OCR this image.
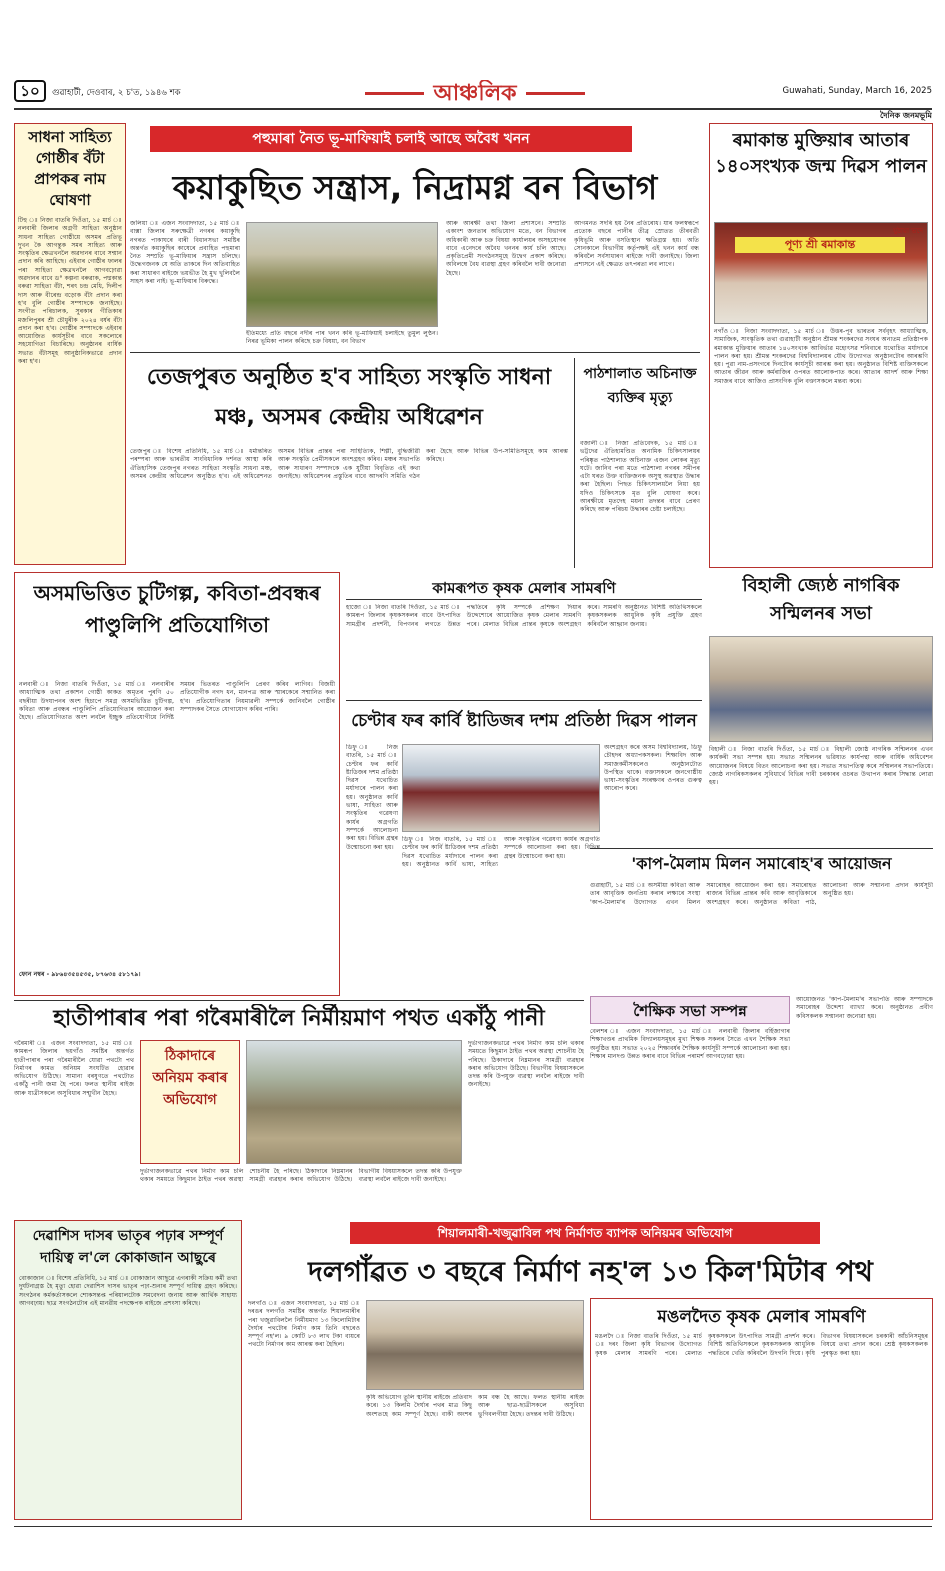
১০	গুৱাহাটী, দেওবাৰ, ২ চ'ত, ১৯৪৬ শক	আঞ্চলিক	Guwahati, Sunday, March 16, 2025
দৈনিক জনমভূমি
সাধনা সাহিত্য গোষ্ঠীৰ বঁটা প্ৰাপকৰ নাম ঘোষণা
টিহু ঃ নিজা বাতৰি দিওঁতা, ১৫ মাৰ্চ ঃ নলবাৰী জিলাৰ অগ্ৰণী সাহিত্য অনুষ্ঠান সাধনা সাহিত্য গোষ্ঠীয়ে অসমৰ প্ৰতিভূ দুখন কৈ আগন্তুক সমৰ সাহিত্য আৰু সংস্কৃতিৰ ক্ষেত্ৰখনলৈ অৱদানৰ বাবে সন্মান প্ৰদান কৰি আহিছে। এইবাৰ গোষ্ঠীৰ ফালৰ পৰা সাহিত্য ক্ষেত্ৰখনলৈ আগবঢ়োৱা অৱদানৰ বাবে ড° কল্পনা বৰুৱাক, পদ্মকান্ত বৰুৱা সাহিত্য বঁটা, শৰৎ চন্দ্ৰ মেধি, দিলীপ দাস আৰু বীৰেন্দ্ৰ বড়োক বঁটা প্ৰদান কৰা হ'ব বুলি গোষ্ঠীৰ সম্পাদকে জনাইছে। সংগীত পৰিচালক, সুৰকাৰ গীতিকাৰ মজলিপুৰৰ শ্ৰী চৌধুৰীক ২০২৪ বৰ্ষৰ বঁটা প্ৰদান কৰা হ'ব। গোষ্ঠীৰ সম্পাদকে এইবাৰ আয়োজিত কাৰ্যসূচীৰ বাবে সকলোৰে সহযোগিতা বিচাৰিছে। অনুষ্ঠানৰ বাৰ্ষিক সভাত বঁটাসমূহ আনুষ্ঠানিকভাৱে প্ৰদান কৰা হ'ব।
পহুমাৰা নৈত ভূ-মাফিয়াই চলাই আছে অবৈধ খনন
কয়াকুছিত সন্ত্ৰাস, নিদ্ৰামগ্ন বন বিভাগ
জলিয়া ঃ এজন সংবাদদাতা, ১৫ মাৰ্চ ঃ বাক্সা জিলাৰ সৰুক্ষেত্ৰী নগৰৰ কয়াকুছি নগৰত পাকাঘৰে বাৰী বিধানসভা সমষ্টিৰ অন্তৰ্গত কয়াকুছিৰ কাষেৰে প্ৰবাহিত পহুমাৰা নৈত সম্প্ৰতি ভূ-মাফিয়াৰ সন্ত্ৰাস চলিছে। উদ্ধেগজনক যে অতি তাকৰে দিন অতিবাহিত কৰা সাধাৰণ ৰাইজে ভয়ভীত হৈ মুখ খুলিবলৈ সাহস কৰা নাই। ভূ-মাফিয়াৰ বিৰুদ্ধে।
ইতিমধ্যে প্ৰতি বছৰে নদীৰ পাৰ খনন কৰি ভূ-মাফিয়াই চলাইছে তুমুল লুণ্ঠন। নিৰৱ ভূমিকা পালন কৰিছে চক্ৰ বিষয়া, বন বিভাগ
আৰু আৰক্ষী তথা জিলা প্ৰশাসনে। সম্প্ৰতি একাংশ জনতাৰ অভিযোগ মতে, বন বিভাগৰ অধিকাৰী আৰু চক্ৰ বিষয়া কাৰ্যালয়ৰ অসহযোগৰ বাবে এনেদৰে অবৈধ খননৰ কাৰ্য চলি আছে। প্ৰকৃতিপ্ৰেমী সংগঠনসমূহে উদ্বেগ প্ৰকাশ কৰিছে। অবিলম্বে বৈধ ব্যৱস্থা গ্ৰহণ কৰিবলৈ দাবী জনোৱা হৈছে।
আগমনত সদৰি হয় নৈৰ প্ৰতিৰোধ। যাৰ ফলস্বৰূপে প্ৰত্যেক বছৰে পানীৰ তীব্ৰ স্ৰোতত তীৰবৰ্তী কৃষিভূমি আৰু বসতিস্থান ক্ষতিগ্ৰস্ত হয়। অতি সোনকালে বিভাগীয় কৰ্তৃপক্ষই এই খনন কাৰ্য বন্ধ কৰিবলৈ সৰ্বসাধাৰণ ৰাইজে দাবী জনাইছে। জিলা প্ৰশাসনে এই ক্ষেত্ৰত তৎপৰতা লব লাগে।
ৰমাকান্ত মুক্তিয়াৰ আতাৰ ১৪০সংখ্যক জন্ম দিৱস পালন
পূণ্য শ্ৰী ৰমাকান্ত
যুঠায়া ভদে
নগাঁও ঃ নিজা সংবাদদাতা, ১৫ মাৰ্চ ঃ উত্তৰ-পূব ভাৰতৰ সৰ্ববৃহৎ আধ্যাত্মিক, সামাজিক, সাংস্কৃতিক তথা গুৱাহাটী অনুষ্ঠান শ্ৰীমন্ত শংকৰদেৱ সংঘৰ অন্যতম প্ৰতিষ্ঠাপক ৰমাকান্ত মুক্তিয়াৰ আতাৰ ১৪০সংখ্যক আবিৰ্ভাৱ মহোৎসৱ শনিবাৰে যথোচিত মৰ্যাদাৰে পালন কৰা হয়। শ্ৰীমন্ত শংকৰদেৱ বিশ্ববিদ্যালয়ৰ যৌথ উদ্যোগত অনুষ্ঠানটোৰ আৰম্ভণি হয়। পুৱা নাম-প্ৰসংগৰে দিনটোৰ কাৰ্যসূচী আৰম্ভ কৰা হয়। অনুষ্ঠানত বিশিষ্ট ব্যক্তিসকলে আতাৰ জীৱন আৰু কৰ্মৰাজিৰ ওপৰত আলোকপাত কৰে। আতাৰ আদৰ্শ আৰু শিক্ষা সমাজৰ বাবে আজিও প্ৰাসংগিক বুলি বক্তাসকলে মন্তব্য কৰে।
তেজপুৰত অনুষ্ঠিত হ'ব সাহিত্য সংস্কৃতি সাধনা মঞ্চ, অসমৰ কেন্দ্ৰীয় অধিৱেশন
তেজপুৰ ঃ বিশেষ প্ৰতিনিধি, ১৫ মাৰ্চ ঃ ধৰ্মান্তৰিত পৰম্পৰা আৰু ভাৰতীয় সাংবিধানিক দৰ্শনত আস্থা কৰি ঐতিহাসিক তেজপুৰ নগৰত সাহিত্য সংস্কৃতি সাধনা মঞ্চ, অসমৰ কেন্দ্ৰীয় অধিৱেশন অনুষ্ঠিত হ'ব। এই অধিৱেশনত অসমৰ বিভিন্ন প্ৰান্তৰ পৰা সাহিত্যিক, শিল্পী, বুদ্ধিজীৱী আৰু সংস্কৃতি প্ৰেমীসকলে অংশগ্ৰহণ কৰিব। মঞ্চৰ সভাপতি আৰু সাধাৰণ সম্পাদকে এক যুটীয়া বিবৃতিত এই কথা জনাইছে। অধিৱেশনৰ প্ৰস্তুতিৰ বাবে আদৰণি সমিতি গঠন কৰা হৈছে আৰু বিভিন্ন উপ-সমিতিসমূহে কাম আৰম্ভ কৰিছে।
পাঠশালাত অচিনাক্ত ব্যক্তিৰ মৃত্যু
বজালী ঃ নিজা প্ৰতিবেদক, ১৫ মাৰ্চ ঃ ভট্টদেৱ ঐতিহ্যমণ্ডিত অনামিক চিকিৎসালয়ৰ পৰিষ্কৃত পাঠশালাত অচিনাক্ত এজন লোকৰ মৃত্যু ঘটে। জানিব পৰা মতে পাঠশালা নগৰৰ সমীপৰ এটা ঘৰত উক্ত ব্যক্তিজনক অসুস্থ অৱস্থাত উদ্ধাৰ কৰা হৈছিল। পিছত চিকিৎসালয়লৈ নিয়া হয় যদিও চিকিৎসকে মৃত বুলি ঘোষণা কৰে। আৰক্ষীয়ে মৃতদেহ ময়না তদন্তৰ বাবে প্ৰেৰণ কৰিছে আৰু পৰিচয় উদ্ধাৰৰ চেষ্টা চলাইছে।
অসমভিত্তিত চুটিগল্প, কবিতা-প্ৰবন্ধৰ পাণ্ডুলিপি প্ৰতিযোগিতা
নলবাৰী ঃ নিজা বাতৰি দিওঁতা, ১৫ মাৰ্চ ঃ নলবাৰীৰ আধ্যাত্মিক তথা প্ৰকাশন গোষ্ঠী কাকত অমৃতৰ পুৰণি ৫০ বছৰীয়া উদযাপনৰ অংশ হিচাপে সমগ্ৰ অসমভিত্তিত চুটিগল্প, কবিতা আৰু প্ৰবন্ধৰ পাণ্ডুলিপি প্ৰতিযোগিতাৰ আয়োজন কৰা হৈছে। প্ৰতিযোগিতাত অংশ লবলৈ ইচ্ছুক প্ৰতিযোগীয়ে নিৰ্দিষ্ট সময়ৰ ভিতৰত পাণ্ডুলিপি প্ৰেৰণ কৰিব লাগিব। বিজয়ী প্ৰতিযোগীক নগদ ধন, মানপত্ৰ আৰু স্মাৰকেৰে সন্মানিত কৰা হ'ব। প্ৰতিযোগিতাৰ নিয়মাৱলী সম্পৰ্কে জানিবলৈ গোষ্ঠীৰ সম্পাদকৰ সৈতে যোগাযোগ কৰিব পাৰি।
ফোন নম্বৰ - ৯৮৬৪৩৫৪৫৩৫, ৮৭৬৩৪ ৫৮১৭৯।
কামৰূপত কৃষক মেলাৰ সামৰণি
হাজো ঃ নিজা বাতৰি দিওঁতা, ১৫ মাৰ্চ ঃ কামৰূপ জিলাৰ কৃষকসকলৰ বাবে উৎপাদিত সামগ্ৰীৰ প্ৰদৰ্শনী, বিপণনৰ লগতে উন্নত পদ্ধতিৰে কৃষি সম্পৰ্কে প্ৰশিক্ষণ দিয়াৰ উদ্দেশ্যেৰে আয়োজিত কৃষক মেলাৰ সামৰণি পৰে। মেলাত বিভিন্ন প্ৰান্তৰ কৃষকে অংশগ্ৰহণ কৰে। সামৰণি অনুষ্ঠানত বিশিষ্ট অতিথিসকলে কৃষকসকলক আধুনিক কৃষি প্ৰযুক্তি গ্ৰহণ কৰিবলৈ আহ্বান জনায়।
বিহালী জ্যেষ্ঠ নাগৰিক সন্মিলনৰ সভা
বিহালী ঃ নিজা বাতৰি দিওঁতা, ১৫ মাৰ্চ ঃ বিহালী জ্যেষ্ঠ নাগৰিক সন্মিলনৰ এখন কাৰ্যকৰী সভা সম্পন্ন হয়। সভাত সন্মিলনৰ ভৱিষ্যত কাৰ্যপন্থা আৰু বাৰ্ষিক অধিবেশন আয়োজনৰ বিষয়ে বিতং আলোচনা কৰা হয়। সভাত সভাপতিত্ব কৰে সন্মিলনৰ সভাপতিয়ে। জ্যেষ্ঠ নাগৰিকসকলৰ সুবিধাৰ্থে বিভিন্ন দাবী চৰকাৰৰ ওচৰত উত্থাপন কৰাৰ সিদ্ধান্ত লোৱা হয়।
চেণ্টাৰ ফৰ কাৰ্বি ষ্টাডিজৰ দশম প্ৰতিষ্ঠা দিৱস পালন
ডিফু ঃ নিজ বাতৰি, ১৫ মাৰ্চ ঃ চেণ্টাৰ ফৰ কাৰ্বি ষ্টাডিজৰ দশম প্ৰতিষ্ঠা দিৱস যথোচিত মৰ্যাদাৰে পালন কৰা হয়। অনুষ্ঠানত কাৰ্বি ভাষা, সাহিত্য আৰু সংস্কৃতিৰ গৱেষণা কাৰ্যৰ অগ্ৰগতি সম্পৰ্কে আলোচনা কৰা হয়। বিভিন্ন গ্ৰন্থৰ উন্মোচনো কৰা হয়।
অংশগ্ৰহণ কৰে অসম বিশ্ববিদ্যালয়, ডিফু চৌহদৰ অধ্যাপকসকল। শিক্ষাবিদ আৰু সমাজকৰ্মীসকলেও অনুষ্ঠানটোত উপস্থিত থাকে। বক্তাসকলে জনগোষ্ঠীয় ভাষা-সংস্কৃতিৰ সংৰক্ষণৰ ওপৰত গুৰুত্ব আৰোপ কৰে।
ডিফু ঃ নিজ বাতৰি, ১৫ মাৰ্চ ঃ চেণ্টাৰ ফৰ কাৰ্বি ষ্টাডিজৰ দশম প্ৰতিষ্ঠা দিৱস যথোচিত মৰ্যাদাৰে পালন কৰা হয়। অনুষ্ঠানত কাৰ্বি ভাষা, সাহিত্য আৰু সংস্কৃতিৰ গৱেষণা কাৰ্যৰ অগ্ৰগতি সম্পৰ্কে আলোচনা কৰা হয়। বিভিন্ন গ্ৰন্থৰ উন্মোচনো কৰা হয়।	'কাপ-মৈলাম মিলন সমাৰোহ'ৰ আয়োজন
গুৱাহাটী, ১৫ মাৰ্চ ঃ অসমীয়া কবিতা আৰু তাৰ আবৃত্তিক জনপ্ৰিয় কৰাৰ লক্ষ্যৰে সংস্থা 'কাপ-মৈলাম'ৰ উদ্যোগত এখন মিলন সমাৰোহৰ আয়োজন কৰা হয়। সমাৰোহত ৰাজ্যৰ বিভিন্ন প্ৰান্তৰ কবি আৰু আবৃত্তিকাৰে অংশগ্ৰহণ কৰে। অনুষ্ঠানত কবিতা পাঠ, আলোচনা আৰু সন্মাননা প্ৰদান কাৰ্যসূচী অনুষ্ঠিত হয়।
হাতীপাৰাৰ পৰা গৰৈমাৰীলৈ নিৰ্মীয়মাণ পথত একাঁঠু পানী
গৰৈমাৰী ঃ এজন সংবাদদাতা, ১৫ মাৰ্চ ঃ কামৰূপ জিলাৰ ছয়গাঁও সমষ্টিৰ অন্তৰ্গত হাতীপাৰাৰ পৰা গৰৈমাৰীলৈ যোৱা পথটো পথ নিৰ্মাণৰ কামত অনিয়ম সংঘটিত হোৱাৰ অভিযোগ উঠিছে। সামান্য বৰষুণতে পথটোত একাঁঠু পানী জমা হৈ পৰে। ফলত স্থানীয় ৰাইজ আৰু যাত্ৰীসকলে অসুবিধাৰ সন্মুখীন হৈছে।
ঠিকাদাৰে অনিয়ম কৰাৰ অভিযোগ
দুৰ্ভাগ্যজনকভাৱে পথৰ নিৰ্মাণ কাম চলি থকাৰ সময়তে কিছুমান ঠাইত পথৰ অৱস্থা শোচনীয় হৈ পৰিছে। ঠিকাদাৰে নিম্নমানৰ সামগ্ৰী ব্যৱহাৰ কৰাৰ অভিযোগ উঠিছে। বিভাগীয় বিষয়াসকলে তদন্ত কৰি উপযুক্ত ব্যৱস্থা লবলৈ ৰাইজে দাবী জনাইছে।
দুৰ্ভাগ্যজনকভাৱে পথৰ নিৰ্মাণ কাম চলি থকাৰ সময়তে কিছুমান ঠাইত পথৰ অৱস্থা শোচনীয় হৈ পৰিছে। ঠিকাদাৰে নিম্নমানৰ সামগ্ৰী ব্যৱহাৰ কৰাৰ অভিযোগ উঠিছে। বিভাগীয় বিষয়াসকলে তদন্ত কৰি উপযুক্ত ব্যৱস্থা লবলৈ ৰাইজে দাবী জনাইছে।
শৈক্ষিক সভা সম্পন্ন
বেলশৰ ঃ এজন সংবাদদাতা, ১৫ মাৰ্চ ঃ নলবাৰী জিলাৰ বৰ্হিজাগাৰ শিক্ষাখণ্ডৰ প্ৰাথমিক বিদ্যালয়সমূহৰ মুখ্য শিক্ষক সকলৰ সৈতে এখন শৈক্ষিক সভা অনুষ্ঠিত হয়। সভাত ২০২৫ শিক্ষাবৰ্ষৰ শৈক্ষিক কাৰ্যসূচী সম্পৰ্কে আলোচনা কৰা হয়। শিক্ষাৰ মানদণ্ড উন্নত কৰাৰ বাবে বিভিন্ন পৰামৰ্শ আগবঢ়োৱা হয়।
আয়োজনত 'কাপ-মৈলাম'ৰ সভাপতি আৰু সম্পাদকে সমাৰোহৰ উদ্দেশ্য ব্যাখ্যা কৰে। অনুষ্ঠানত প্ৰবীণ কবিসকলক সন্মাননা জনোৱা হয়।
দেৱাশিস দাসৰ ভাতৃৰ পঢ়াৰ সম্পূৰ্ণ দায়িত্ব ল'লে কোকাজান আছুৰে
বোকাজান ঃ বিশেষ প্ৰতিনিধি, ১৫ মাৰ্চ ঃ বোকাজান আছুৱে এগৰাকী সক্ৰিয় কৰ্মী তথা দুৰ্ঘটনাগ্ৰস্ত হৈ মৃত্যু হোৱা দেৱাশিস দাসৰ ভাতৃৰ পঢ়া-শুনাৰ সম্পূৰ্ণ দায়িত্ব গ্ৰহণ কৰিছে। সংগঠনৰ কৰ্মকৰ্তাসকলে শোকসন্তপ্ত পৰিয়ালটোক সমবেদনা জনায় আৰু আৰ্থিক সাহায্য আগবঢ়ায়। ছাত্ৰ সংগঠনটোৰ এই মানৱীয় পদক্ষেপক ৰাইজে প্ৰশংসা কৰিছে।
শিয়ালমাৰী-খজুৱাবিল পথ নিৰ্মাণত ব্যাপক অনিয়মৰ অভিযোগ
দলগাঁৱত ৩ বছৰে নিৰ্মাণ নহ'ল ১৩ কিল'মিটাৰ পথ
দলগাঁও ঃ এজন সংবাদদাতা, ১৫ মাৰ্চ ঃ দৰঙৰ দলগাঁও সমষ্টিৰ অন্তৰ্গত শিয়ালমাৰীৰ পৰা খজুৱাবিললৈ নিৰ্মীয়মাণ ১৩ কিলোমিটাৰ দৈৰ্ঘ্যৰ পথটোৰ নিৰ্মাণ কাম তিনি বছৰেও সম্পূৰ্ণ নহ'ল। ৯ কোটি ৮৩ লাখ টকা ব্যয়ৰে পথটো নিৰ্মাণৰ কাম আৰম্ভ কৰা হৈছিল।
কৃষি অভিযোগ তুলি স্থানীয় ৰাইজে প্ৰতিবাদ কৰে। ১৩ কিলমি দৈৰ্ঘ্যৰ পথৰ মাত্ৰ কিছু অংশতহে কাম সম্পূৰ্ণ হৈছে। বাকী অংশৰ কাম বন্ধ হৈ আছে। ফলত স্থানীয় ৰাইজ আৰু ছাত্ৰ-ছাত্ৰীসকলে অসুবিধা ভুগিবলগীয়া হৈছে। তদন্তৰ দাবী উঠিছে।
মঙলদৈত কৃষক মেলাৰ সামৰণি
মঙলদৈ ঃ নিজা বাতৰি দিওঁতা, ১৫ মাৰ্চ ঃ দৰং জিলা কৃষি বিভাগৰ উদ্যোগত কৃষক মেলাৰ সামৰণি পৰে। মেলাত কৃষকসকলে উৎপাদিত সামগ্ৰী প্ৰদৰ্শন কৰে। বিশিষ্ট অতিথিসকলে কৃষকসকলক আধুনিক পদ্ধতিৰে খেতি কৰিবলৈ উদগনি দিয়ে। কৃষি বিভাগৰ বিষয়াসকলে চৰকাৰী আঁচনিসমূহৰ বিষয়ে তথ্য প্ৰদান কৰে। শ্ৰেষ্ঠ কৃষকসকলক পুৰস্কৃত কৰা হয়।
